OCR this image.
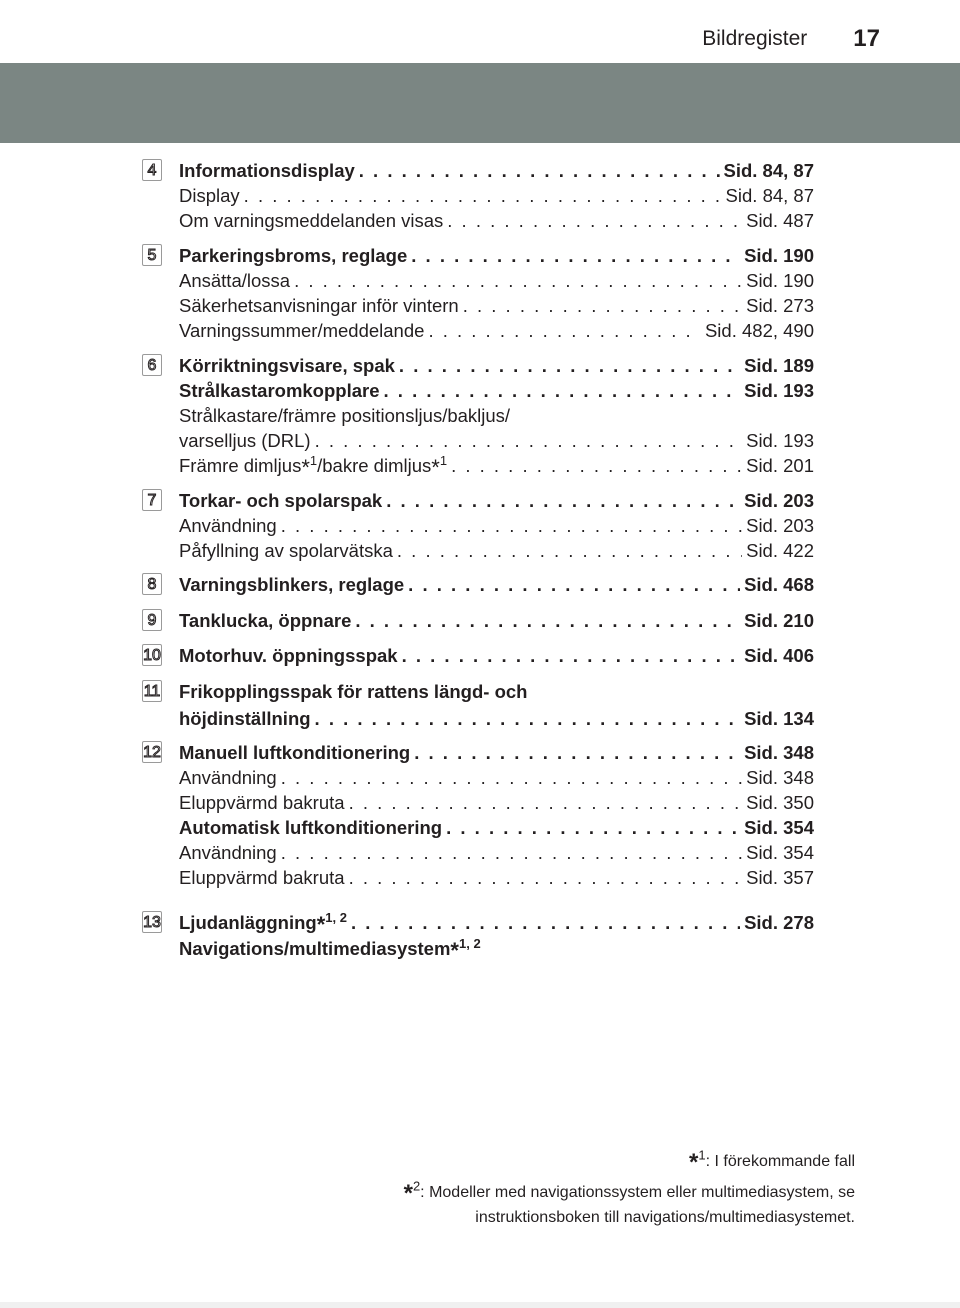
Bildregister 17
4 Informationsdisplay . . .	Sid. 84, 87
Display . . .	Sid. 84, 87
Om varningsmeddelanden visas . . .	Sid. 487
5 Parkeringsbroms, reglage . . .	Sid. 190
Ansätta/lossa . . .	Sid. 190
Säkerhetsanvisningar inför vintern . . .	Sid. 273
Varningssummer/meddelande . . .	Sid. 482, 490
6 Körriktningsvisare, spak . . .	Sid. 189
Strålkastaromkopplare . . .	Sid. 193
Strålkastare/främre positionsljus/bakljus/
varselljus (DRL) . . .	Sid. 193
Främre dimljus*$^1$/bakre dimljus*$^1$ . . .	Sid. 201
7 Torkar- och spolarspak . . .	Sid. 203
Användning . . .	Sid. 203
Påfyllning av spolarvätska . . .	Sid. 422
8 Varningsblinkers, reglage . . .	Sid. 468
9 Tanklucka, öppnare . . .	Sid. 210
10 Motorhuv. öppningsspak . . .	Sid. 406
11 Frikopplingsspak för rattens längd- och
höjdinställning . . .	Sid. 134
12 Manuell luftkonditionering . . .	Sid. 348
Användning . . .	Sid. 348
Eluppvärmd bakruta . . .	Sid. 350
Automatisk luftkonditionering . . .	Sid. 354
Användning . . .	Sid. 354
Eluppvärmd bakruta . . .	Sid. 357
13 Ljudanläggning*$^{1, 2}$ . . .	Sid. 278
Navigations/multimediasystem*$^{1, 2}$
*$^1$: I förekommande fall
*$^2$: Modeller med navigationssystem eller multimediasystem, se
instruktionsboken till navigations/multimediasystemet.
